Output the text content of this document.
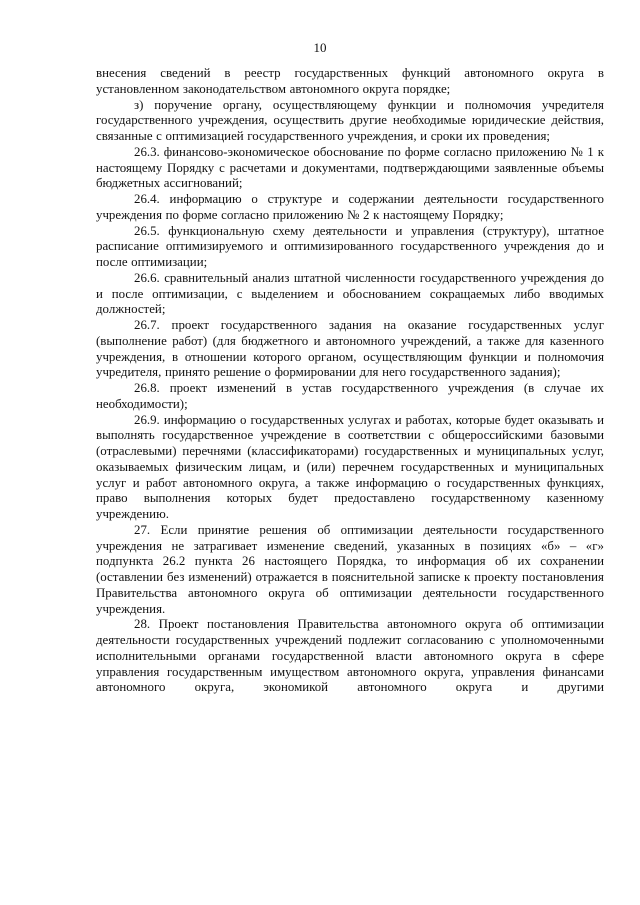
10

внесения сведений в реестр государственных функций автономного округа в установленном законодательством автономного округа порядке;

з) поручение органу, осуществляющему функции и полномочия учредителя государственного учреждения, осуществить другие необходимые юридические действия, связанные с оптимизацией государственного учреждения, и сроки их проведения;

26.3. финансово-экономическое обоснование по форме согласно приложению № 1 к настоящему Порядку с расчетами и документами, подтверждающими заявленные объемы бюджетных ассигнований;

26.4. информацию о структуре и содержании деятельности государственного учреждения по форме согласно приложению № 2 к настоящему Порядку;

26.5. функциональную схему деятельности и управления (структуру), штатное расписание оптимизируемого и оптимизированного государственного учреждения до и после оптимизации;

26.6. сравнительный анализ штатной численности государственного учреждения до и после оптимизации, с выделением и обоснованием сокращаемых либо вводимых должностей;

26.7. проект государственного задания на оказание государственных услуг (выполнение работ) (для бюджетного и автономного учреждений, а также для казенного учреждения, в отношении которого органом, осуществляющим функции и полномочия учредителя, принято решение о формировании для него государственного задания);

26.8. проект изменений в устав государственного учреждения (в случае их необходимости);

26.9. информацию о государственных услугах и работах, которые будет оказывать и выполнять государственное учреждение в соответствии с общероссийскими базовыми (отраслевыми) перечнями (классификаторами) государственных и муниципальных услуг, оказываемых физическим лицам, и (или) перечнем государственных и муниципальных услуг и работ автономного округа, а также информацию о государственных функциях, право выполнения которых будет предоставлено государственному казенному учреждению.

27. Если принятие решения об оптимизации деятельности государственного учреждения не затрагивает изменение сведений, указанных в позициях «б» – «г» подпункта 26.2 пункта 26 настоящего Порядка, то информация об их сохранении (оставлении без изменений) отражается в пояснительной записке к проекту постановления Правительства автономного округа об оптимизации деятельности государственного учреждения.

28. Проект постановления Правительства автономного округа об оптимизации деятельности государственных учреждений подлежит согласованию с уполномоченными исполнительными органами государственной власти автономного округа в сфере управления государственным имуществом автономного округа, управления финансами автономного округа, экономикой автономного округа и другими
